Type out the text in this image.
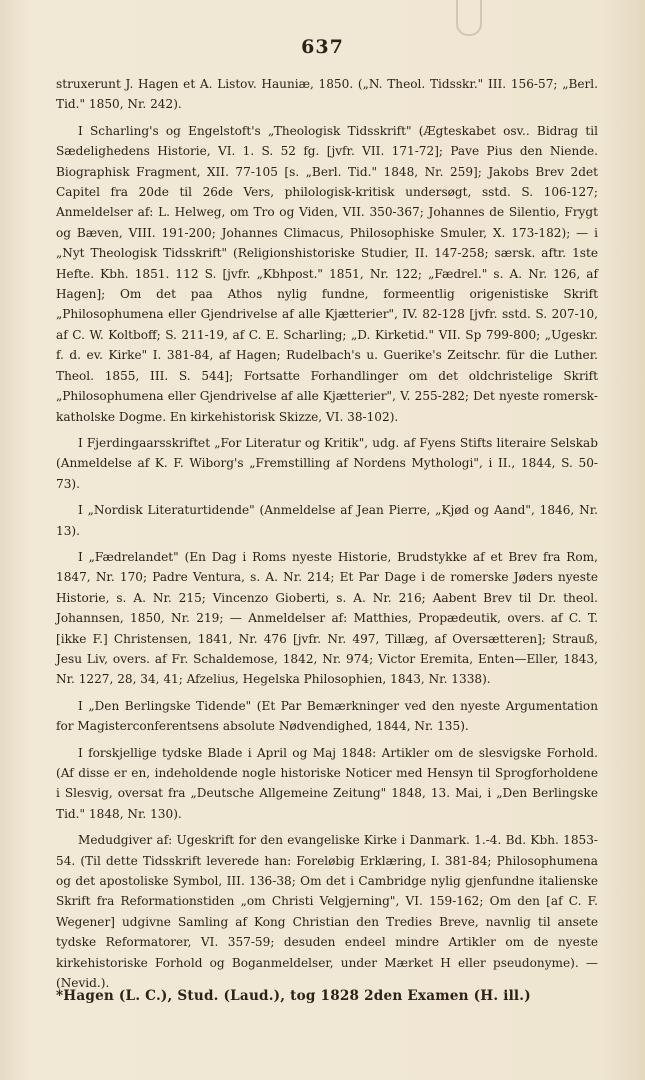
637

struxerunt J. Hagen et A. Listov. Hauniæ, 1850. („N. Theol. Tidsskr." III. 156-57; „Berl. Tid." 1850, Nr. 242).

I Scharling's og Engelstoft's „Theologisk Tidsskrift" (Ægteskabet osv.. Bidrag til Sædelighedens Historie, VI. 1. S. 52 fg. [jvfr. VII. 171-72]; Pave Pius den Niende. Biographisk Fragment, XII. 77-105 [s. „Berl. Tid." 1848, Nr. 259]; Jakobs Brev 2det Capitel fra 20de til 26de Vers, philologisk-kritisk undersøgt, sstd. S. 106-127; Anmeldelser af: L. Helweg, om Tro og Viden, VII. 350-367; Johannes de Silentio, Frygt og Bæven, VIII. 191-200; Johannes Climacus, Philosophiske Smuler, X. 173-182); — i „Nyt Theologisk Tidsskrift" (Religionshistoriske Studier, II. 147-258; særsk. aftr. 1ste Hefte. Kbh. 1851. 112 S. [jvfr. „Kbhpost." 1851, Nr. 122; „Fædrel." s. A. Nr. 126, af Hagen]; Om det paa Athos nylig fundne, formeentlig origenistiske Skrift „Philosophumena eller Gjendrivelse af alle Kjætterier", IV. 82-128 [jvfr. sstd. S. 207-10, af C. W. Koltboff; S. 211-19, af C. E. Scharling; „D. Kirketid." VII. Sp 799-800; „Ugeskr. f. d. ev. Kirke" I. 381-84, af Hagen; Rudelbach's u. Guerike's Zeitschr. für die Luther. Theol. 1855, III. S. 544]; Fortsatte Forhandlinger om det oldchristelige Skrift „Philosophumena eller Gjendrivelse af alle Kjætterier", V. 255-282; Det nyeste romersk-katholske Dogme. En kirkehistorisk Skizze, VI. 38-102).

I Fjerdingaarsskriftet „For Literatur og Kritik", udg. af Fyens Stifts literaire Selskab (Anmeldelse af K. F. Wiborg's „Fremstilling af Nordens Mythologi", i II., 1844, S. 50-73).

I „Nordisk Literaturtidende" (Anmeldelse af Jean Pierre, „Kjød og Aand", 1846, Nr. 13).

I „Fædrelandet" (En Dag i Roms nyeste Historie, Brudstykke af et Brev fra Rom, 1847, Nr. 170; Padre Ventura, s. A. Nr. 214; Et Par Dage i de romerske Jøders nyeste Historie, s. A. Nr. 215; Vincenzo Gioberti, s. A. Nr. 216; Aabent Brev til Dr. theol. Johannsen, 1850, Nr. 219; — Anmeldelser af: Matthies, Propædeutik, overs. af C. T. [ikke F.] Christensen, 1841, Nr. 476 [jvfr. Nr. 497, Tillæg, af Oversætteren]; Strauß, Jesu Liv, overs. af Fr. Schaldemose, 1842, Nr. 974; Victor Eremita, Enten—Eller, 1843, Nr. 1227, 28, 34, 41; Afzelius, Hegelska Philosophien, 1843, Nr. 1338).

I „Den Berlingske Tidende" (Et Par Bemærkninger ved den nyeste Argumentation for Magisterconferentsens absolute Nødvendighed, 1844, Nr. 135).

I forskjellige tydske Blade i April og Maj 1848: Artikler om de slesvigske Forhold. (Af disse er en, indeholdende nogle historiske Noticer med Hensyn til Sprogforholdene i Slesvig, oversat fra „Deutsche Allgemeine Zeitung" 1848, 13. Mai, i „Den Berlingske Tid." 1848, Nr. 130).

Medudgiver af: Ugeskrift for den evangeliske Kirke i Danmark. 1.-4. Bd. Kbh. 1853-54. (Til dette Tidsskrift leverede han: Foreløbig Erklæring, I. 381-84; Philosophumena og det apostoliske Symbol, III. 136-38; Om det i Cambridge nylig gjenfundne italienske Skrift fra Reformationstiden „om Christi Velgjerning", VI. 159-162; Om den [af C. F. Wegener] udgivne Samling af Kong Christian den Tredies Breve, navnlig til ansete tydske Reformatorer, VI. 357-59; desuden endeel mindre Artikler om de nyeste kirkehistoriske Forhold og Boganmeldelser, under Mærket H eller pseudonyme). — (Nevid.).

*Hagen (L. C.), Stud. (Laud.), tog 1828 2den Examen (H. ill.)
